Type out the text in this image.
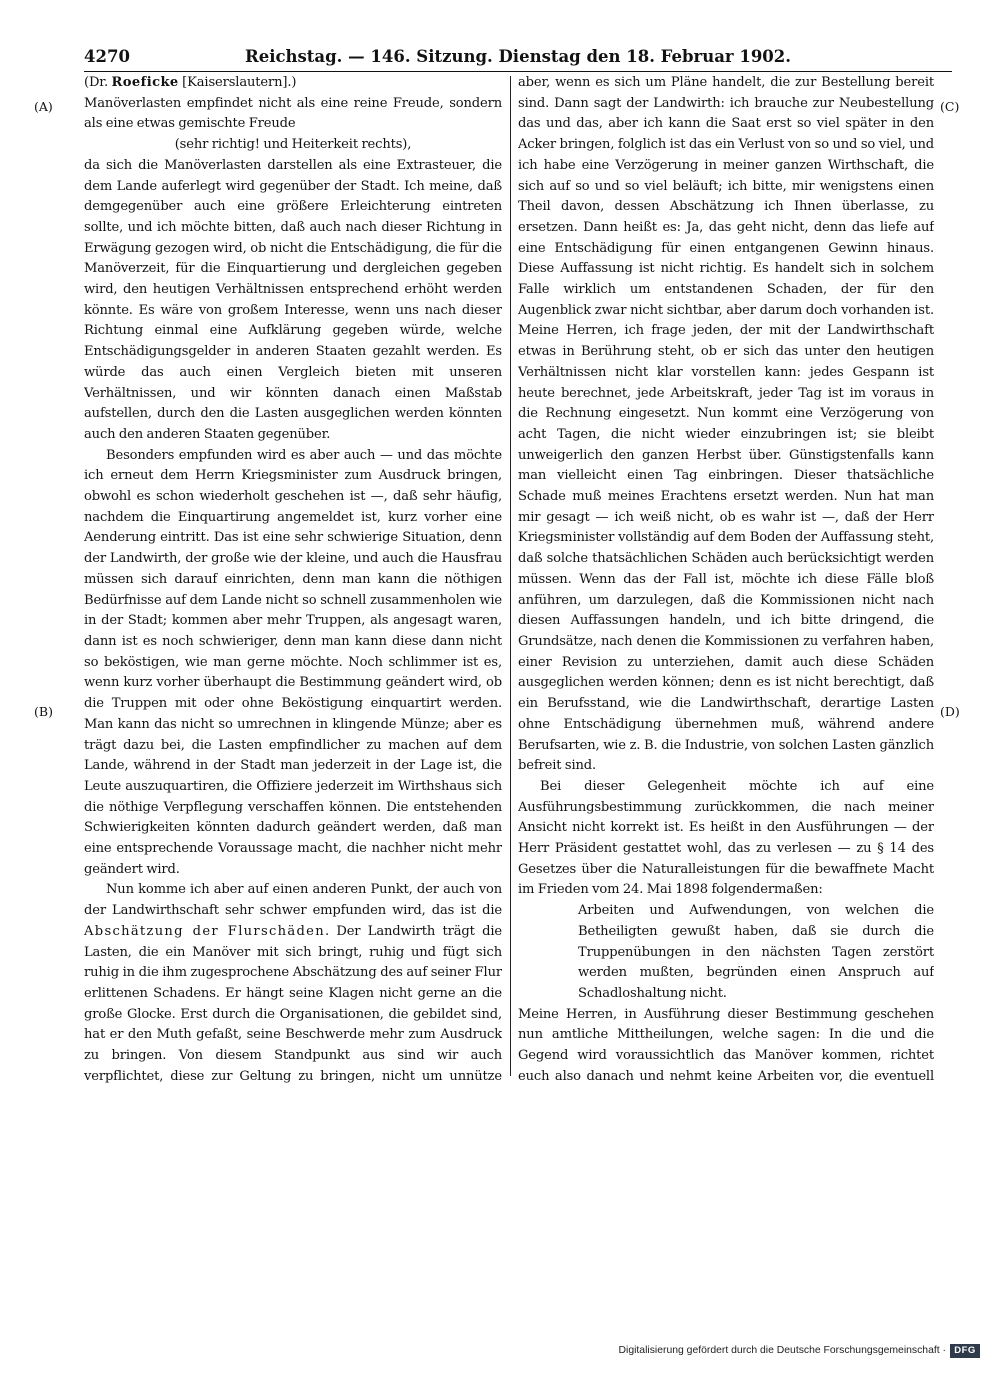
4270	Reichstag. — 146. Sitzung. Dienstag den 18. Februar 1902.

(Dr. Roeficke [Kaiserslautern].)

Manöverlasten empfindet nicht als eine reine Freude, sondern als eine etwas gemischte Freude

(sehr richtig! und Heiterkeit rechts),

da sich die Manöverlasten darstellen als eine Extrasteuer, die dem Lande auferlegt wird gegenüber der Stadt. Ich meine, daß demgegenüber auch eine größere Erleichterung eintreten sollte, und ich möchte bitten, daß auch nach dieser Richtung in Erwägung gezogen wird, ob nicht die Entschädigung, die für die Manöverzeit, für die Einquartierung und dergleichen gegeben wird, den heutigen Verhältnissen entsprechend erhöht werden könnte. Es wäre von großem Interesse, wenn uns nach dieser Richtung einmal eine Aufklärung gegeben würde, welche Entschädigungsgelder in anderen Staaten gezahlt werden. Es würde das auch einen Vergleich bieten mit unseren Verhältnissen, und wir könnten danach einen Maßstab aufstellen, durch den die Lasten ausgeglichen werden könnten auch den anderen Staaten gegenüber.

Besonders empfunden wird es aber auch — und das möchte ich erneut dem Herrn Kriegsminister zum Ausdruck bringen, obwohl es schon wiederholt geschehen ist —, daß sehr häufig, nachdem die Einquartirung angemeldet ist, kurz vorher eine Aenderung eintritt. Das ist eine sehr schwierige Situation, denn der Landwirth, der große wie der kleine, und auch die Hausfrau müssen sich darauf einrichten, denn man kann die nöthigen Bedürfnisse auf dem Lande nicht so schnell zusammenholen wie in der Stadt; kommen aber mehr Truppen, als angesagt waren, dann ist es noch schwieriger, denn man kann diese dann nicht so beköstigen, wie man gerne möchte. Noch schlimmer ist es, wenn kurz vorher überhaupt die Bestimmung geändert wird, ob die Truppen mit oder ohne Beköstigung einquartirt werden. Man kann das nicht so umrechnen in klingende Münze; aber es trägt dazu bei, die Lasten empfindlicher zu machen auf dem Lande, während in der Stadt man jederzeit in der Lage ist, die Leute auszuquartiren, die Offiziere jederzeit im Wirthshaus sich die nöthige Verpflegung verschaffen können. Die entstehenden Schwierigkeiten könnten dadurch geändert werden, daß man eine entsprechende Voraussage macht, die nachher nicht mehr geändert wird.

Nun komme ich aber auf einen anderen Punkt, der auch von der Landwirthschaft sehr schwer empfunden wird, das ist die Abschätzung der Flurschäden. Der Landwirth trägt die Lasten, die ein Manöver mit sich bringt, ruhig und fügt sich ruhig in die ihm zugesprochene Abschätzung des auf seiner Flur erlittenen Schadens. Er hängt seine Klagen nicht gerne an die große Glocke. Erst durch die Organisationen, die gebildet sind, hat er den Muth gefaßt, seine Beschwerde mehr zum Ausdruck zu bringen. Von diesem Standpunkt aus sind wir auch verpflichtet, diese zur Geltung zu bringen, nicht um unnütze

aber, wenn es sich um Pläne handelt, die zur Bestellung bereit sind. Dann sagt der Landwirth: ich brauche zur Neubestellung das und das, aber ich kann die Saat erst so viel später in den Acker bringen, folglich ist das ein Verlust von so und so viel, und ich habe eine Verzögerung in meiner ganzen Wirthschaft, die sich auf so und so viel beläuft; ich bitte, mir wenigstens einen Theil davon, dessen Abschätzung ich Ihnen überlasse, zu ersetzen. Dann heißt es: Ja, das geht nicht, denn das liefe auf eine Entschädigung für einen entgangenen Gewinn hinaus. Diese Auffassung ist nicht richtig. Es handelt sich in solchem Falle wirklich um entstandenen Schaden, der für den Augenblick zwar nicht sichtbar, aber darum doch vorhanden ist. Meine Herren, ich frage jeden, der mit der Landwirthschaft etwas in Berührung steht, ob er sich das unter den heutigen Verhältnissen nicht klar vorstellen kann: jedes Gespann ist heute berechnet, jede Arbeitskraft, jeder Tag ist im voraus in die Rechnung eingesetzt. Nun kommt eine Verzögerung von acht Tagen, die nicht wieder einzubringen ist; sie bleibt unweigerlich den ganzen Herbst über. Günstigstenfalls kann man vielleicht einen Tag einbringen. Dieser thatsächliche Schade muß meines Erachtens ersetzt werden. Nun hat man mir gesagt — ich weiß nicht, ob es wahr ist —, daß der Herr Kriegsminister vollständig auf dem Boden der Auffassung steht, daß solche thatsächlichen Schäden auch berücksichtigt werden müssen. Wenn das der Fall ist, möchte ich diese Fälle bloß anführen, um darzulegen, daß die Kommissionen nicht nach diesen Auffassungen handeln, und ich bitte dringend, die Grundsätze, nach denen die Kommissionen zu verfahren haben, einer Revision zu unterziehen, damit auch diese Schäden ausgeglichen werden können; denn es ist nicht berechtigt, daß ein Berufsstand, wie die Landwirthschaft, derartige Lasten ohne Entschädigung übernehmen muß, während andere Berufsarten, wie z. B. die Industrie, von solchen Lasten gänzlich befreit sind.

Bei dieser Gelegenheit möchte ich auf eine Ausführungsbestimmung zurückkommen, die nach meiner Ansicht nicht korrekt ist. Es heißt in den Ausführungen — der Herr Präsident gestattet wohl, das zu verlesen — zu § 14 des Gesetzes über die Naturalleistungen für die bewaffnete Macht im Frieden vom 24. Mai 1898 folgendermaßen:

Arbeiten und Aufwendungen, von welchen die Betheiligten gewußt haben, daß sie durch die Truppenübungen in den nächsten Tagen zerstört werden mußten, begründen einen Anspruch auf Schadloshaltung nicht.

Meine Herren, in Ausführung dieser Bestimmung geschehen nun amtliche Mittheilungen, welche sagen: In die und die Gegend wird voraussichtlich das Manöver kommen, richtet euch also danach und nehmt keine Arbeiten vor, die eventuell

(A)
(B)
(C)
(D)
Digitalisierung gefördert durch die Deutsche Forschungsgemeinschaft · DFG
